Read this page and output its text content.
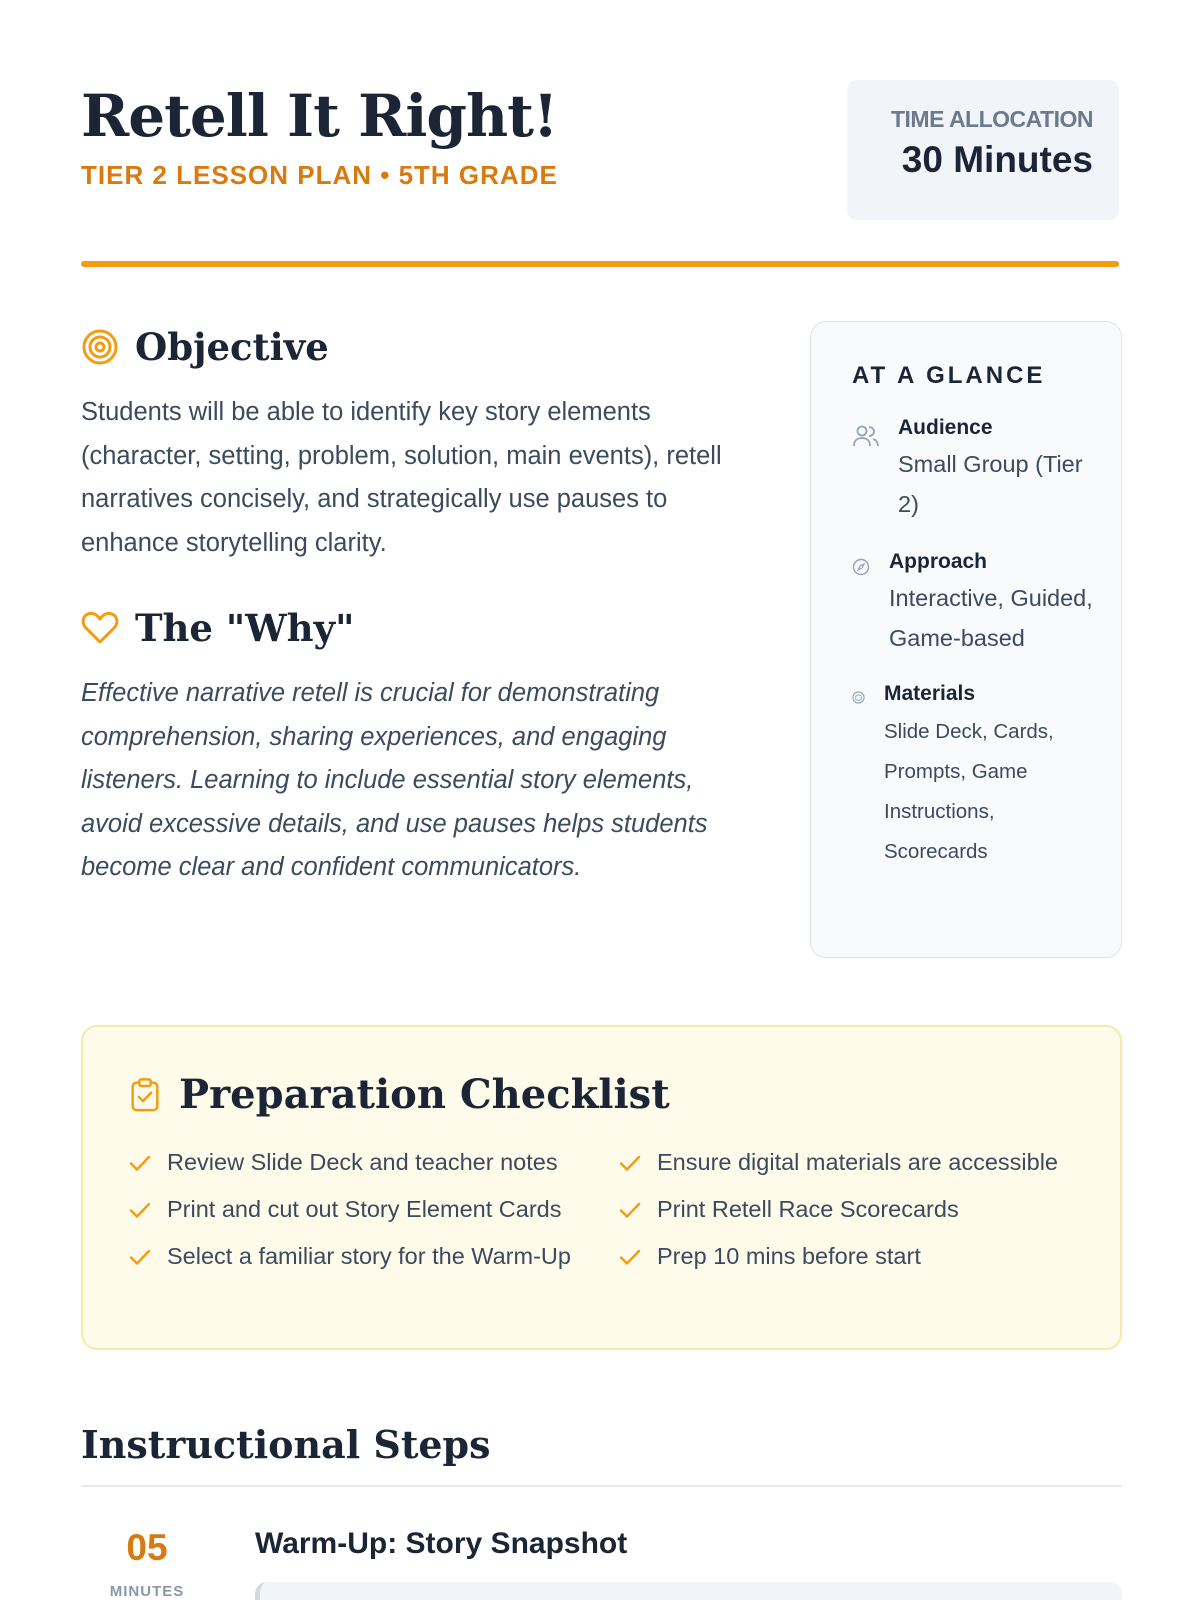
Retell It Right!
TIER 2 LESSON PLAN • 5TH GRADE
TIME ALLOCATION
30 Minutes
Objective

Students will be able to identify key story elements (character, setting, problem, solution, main events), retell narratives concisely, and strategically use pauses to enhance storytelling clarity.

The "Why"

Effective narrative retell is crucial for demonstrating comprehension, sharing experiences, and engaging listeners. Learning to include essential story elements, avoid excessive details, and use pauses helps students become clear and confident communicators.

AT A GLANCE
Audience
Small Group (Tier 2)
Approach
Interactive, Guided, Game-based
Materials
Slide Deck, Cards, Prompts, Game Instructions, Scorecards
Preparation Checklist
Review Slide Deck and teacher notes	Ensure digital materials are accessible
Print and cut out Story Element Cards	Print Retell Race Scorecards
Select a familiar story for the Warm-Up	Prep 10 mins before start
Instructional Steps
05
MINUTES
Warm-Up: Story Snapshot
